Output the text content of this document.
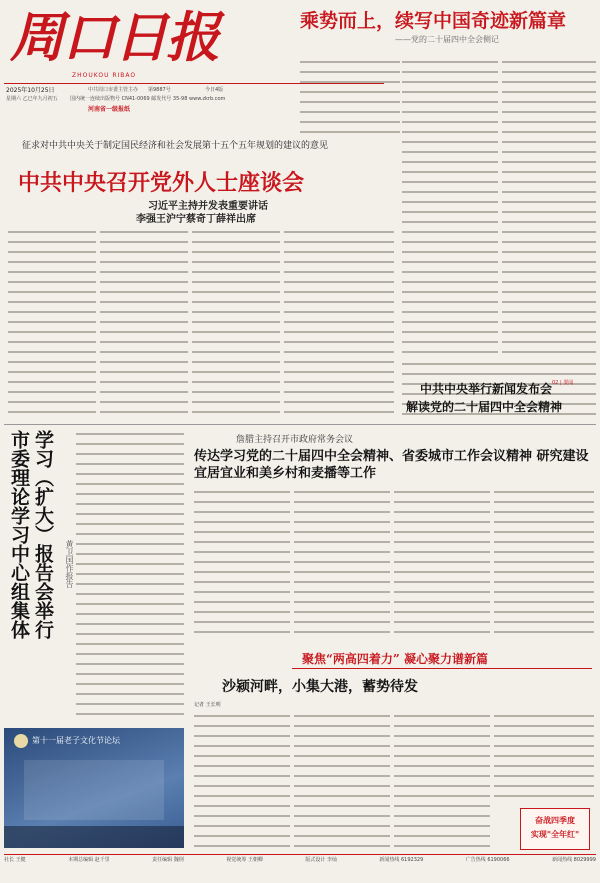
周口日报
ZHOUKOU RIBAO
2025年10月25日
星期六 乙巳年九月初五
中共周口市委主管主办 第9887号	今日4版
国内统一连续出版物号 CN41-0069 邮发代号 35-98 www.zkrb.com
河南省一级报纸
乘势而上，续写中国奇迹新篇章
——党的二十届四中全会侧记
征求对中共中央关于制定国民经济和社会发展第十五个五年规划的建议的意见
中共中央召开党外人士座谈会
习近平主持并发表重要讲话
李强王沪宁蔡奇丁薛祥出席
中共中央举行新闻发布会
解读党的二十届四中全会精神
02 | 要闻
学习（扩大）报告会举行
市委理论学习中心组集体	黄卫国作报告
詹腊主持召开市政府常务会议
传达学习党的二十届四中全会精神、省委城市工作会议精神 研究建设宜居宜业和美乡村和麦播等工作
聚焦“两高四着力” 凝心聚力谱新篇
第十一届老子文化节论坛
沙颍河畔，小集大港，蓄势待发
记者 王长明
奋战四季度
实现"全年红"
社长 王健	本期总编辑 赵千里	责任编辑 魏荆	视觉统筹 王朝卿	版式设计 李灿	新闻热线 6192329	广告热线 6190066	新闻热线 8029999
